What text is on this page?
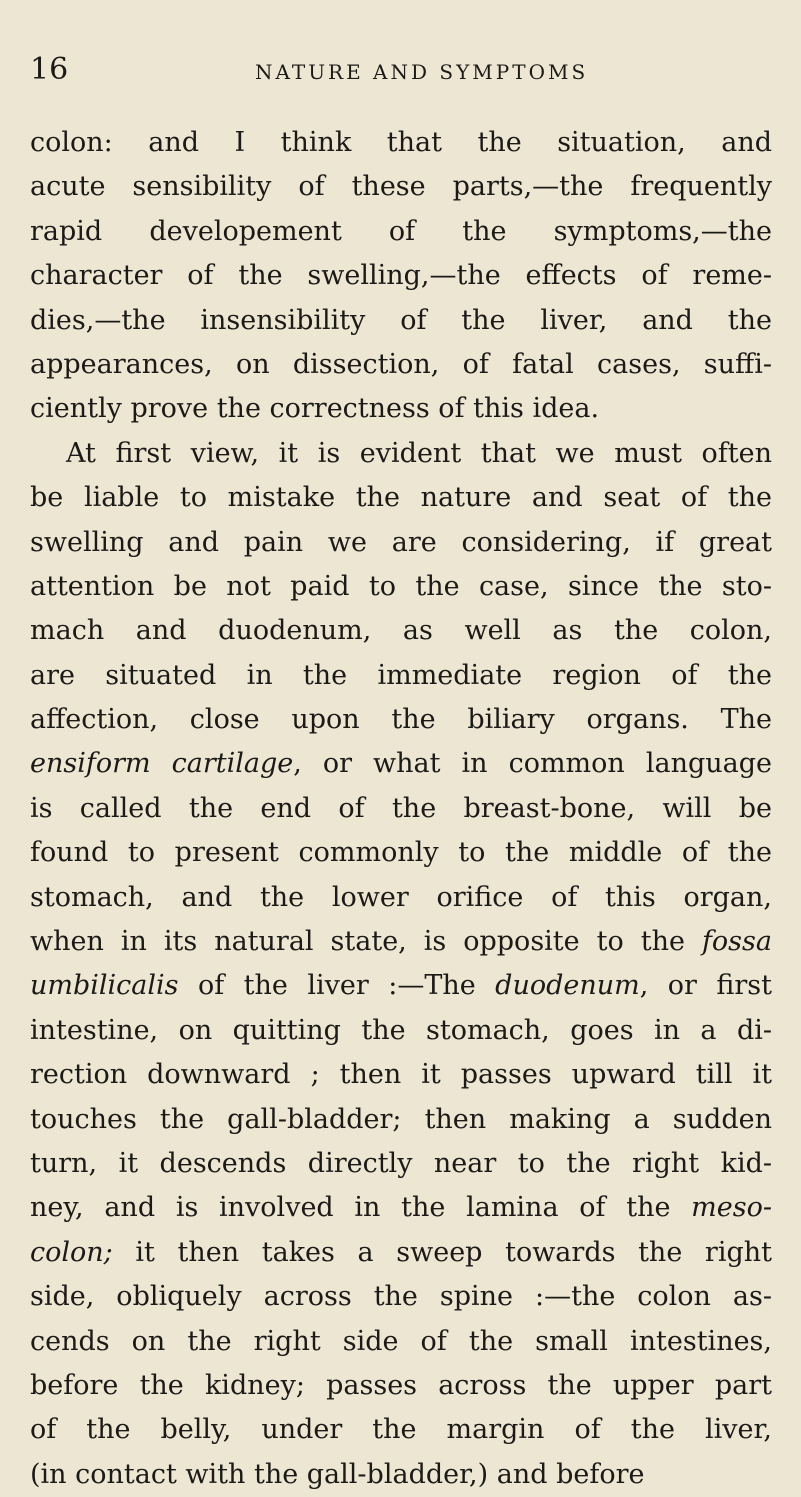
16	NATURE AND SYMPTOMS
colon: and I think that the situation, and
acute sensibility of these parts,—the frequently
rapid developement of the symptoms,—the
character of the swelling,—the effects of reme-
dies,—the insensibility of the liver, and the
appearances, on dissection, of fatal cases, suffi-
ciently prove the correctness of this idea.
At first view, it is evident that we must often
be liable to mistake the nature and seat of the
swelling and pain we are considering, if great
attention be not paid to the case, since the sto-
mach and duodenum, as well as the colon,
are situated in the immediate region of the
affection, close upon the biliary organs. The
ensiform cartilage, or what in common language
is called the end of the breast-bone, will be
found to present commonly to the middle of the
stomach, and the lower orifice of this organ,
when in its natural state, is opposite to the fossa
umbilicalis of the liver :—The duodenum, or first
intestine, on quitting the stomach, goes in a di-
rection downward ; then it passes upward till it
touches the gall-bladder; then making a sudden
turn, it descends directly near to the right kid-
ney, and is involved in the lamina of the meso-
colon; it then takes a sweep towards the right
side, obliquely across the spine :—the colon as-
cends on the right side of the small intestines,
before the kidney; passes across the upper part
of the belly, under the margin of the liver,
(in contact with the gall-bladder,) and before
